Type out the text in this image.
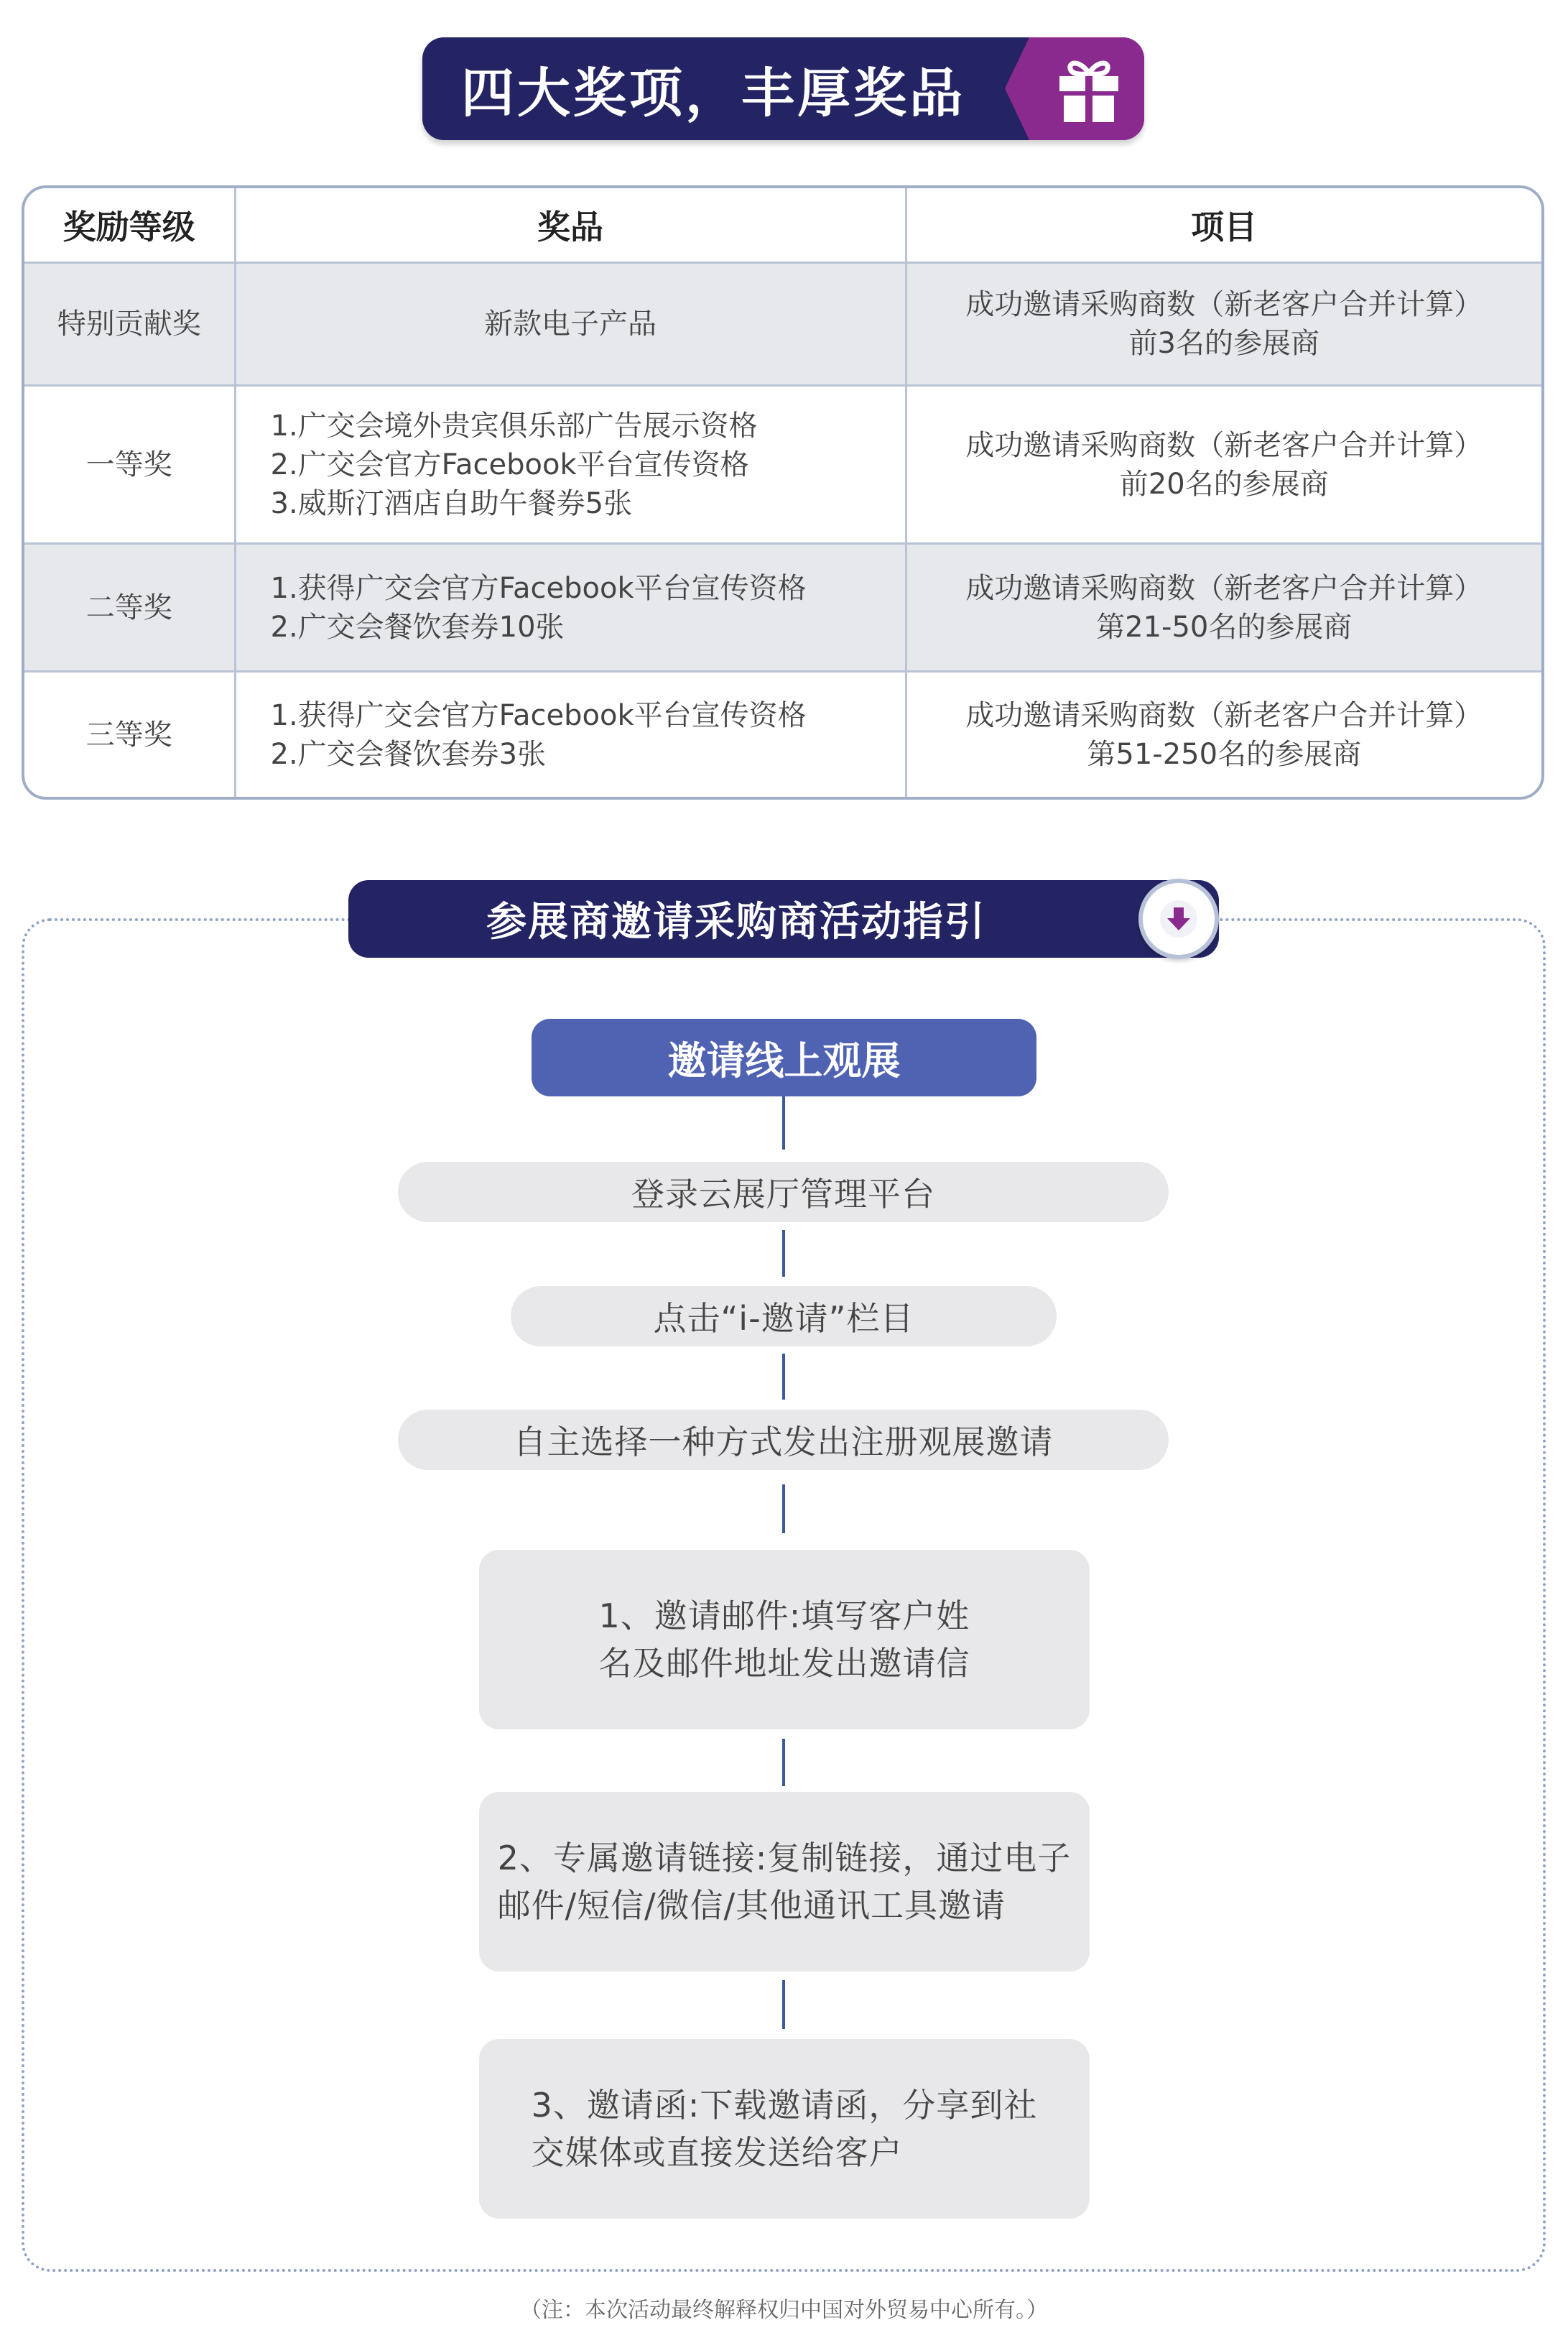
四大奖项，丰厚奖品
奖励等级	奖品	项目
特别贡献奖	新款电子产品	成功邀请采购商数（新老客户合并计算）
前3名的参展商

一等奖	1.广交会境外贵宾俱乐部广告展示资格
2.广交会官方Facebook平台宣传资格
3.威斯汀酒店自助午餐券5张	成功邀请采购商数（新老客户合并计算）
前20名的参展商

二等奖	1.获得广交会官方Facebook平台宣传资格
2.广交会餐饮套券10张	成功邀请采购商数（新老客户合并计算）
第21-50名的参展商

三等奖	1.获得广交会官方Facebook平台宣传资格
2.广交会餐饮套券3张	成功邀请采购商数（新老客户合并计算）
第51-250名的参展商
参展商邀请采购商活动指引
邀请线上观展
登录云展厅管理平台
点击“i-邀请”栏目
自主选择一种方式发出注册观展邀请
1、邀请邮件:填写客户姓
名及邮件地址发出邀请信
2、专属邀请链接:复制链接，通过电子
邮件/短信/微信/其他通讯工具邀请
3、邀请函:下载邀请函，分享到社
交媒体或直接发送给客户
（注：本次活动最终解释权归中国对外贸易中心所有。）
